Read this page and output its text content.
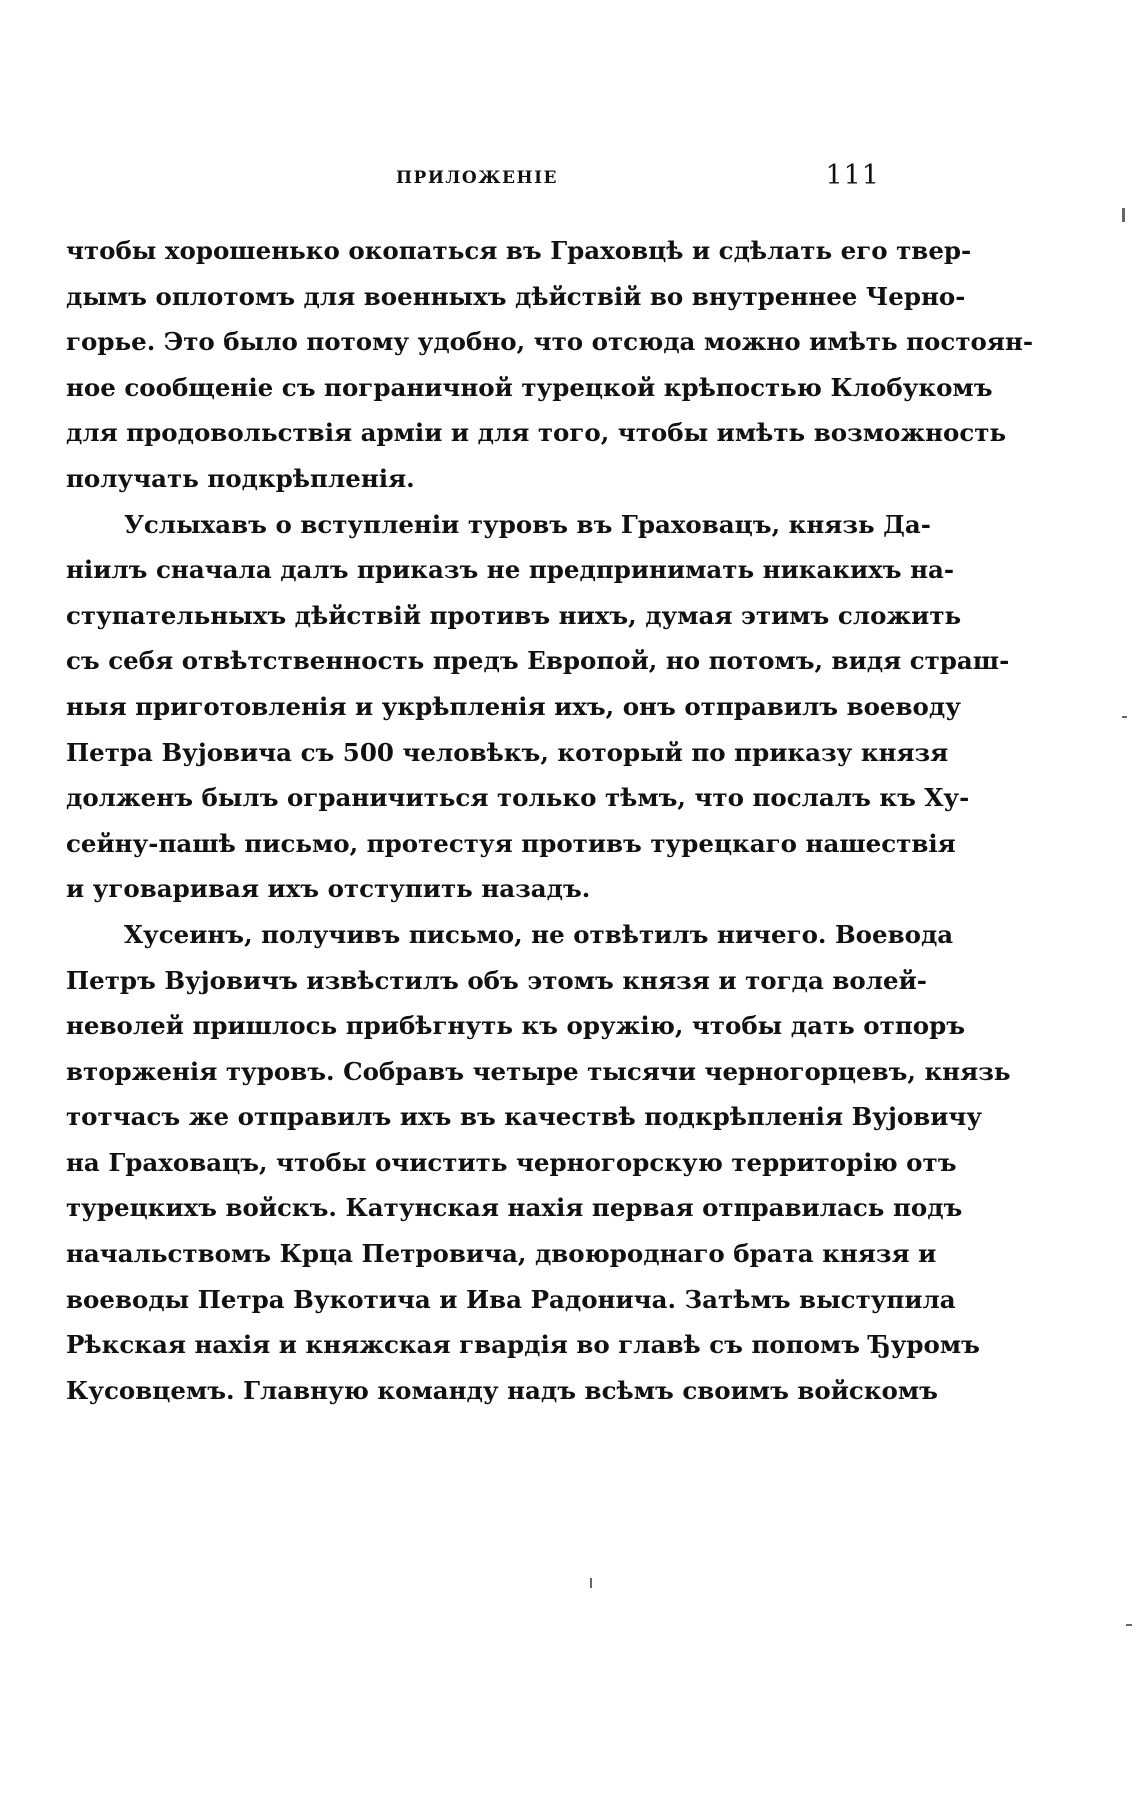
ПРИЛОЖЕНIЕ	111
чтобы хорошенько окопаться въ Граховцѣ и сдѣлать его твер-
дымъ оплотомъ для военныхъ дѣйствiй во внутреннее Черно-
горье. Это было потому удобно, что отсюда можно имѣть постоян-
ное сообщенiе съ пограничной турецкой крѣпостью Клобукомъ
для продовольствiя армiи и для того, чтобы имѣть возможность
получать подкрѣпленiя.
Услыхавъ о вступленiи туровъ въ Граховацъ, князь Да-
нiилъ сначала далъ приказъ не предпринимать никакихъ на-
ступательныхъ дѣйствiй противъ нихъ, думая этимъ сложить
съ себя отвѣтственность предъ Европой, но потомъ, видя страш-
ныя приготовленiя и укрѣпленiя ихъ, онъ отправилъ воеводу
Петра Вуjовича съ 500 человѣкъ, который по приказу князя
долженъ былъ ограничиться только тѣмъ, что послалъ къ Ху-
сейну-пашѣ письмо, протестуя противъ турецкаго нашествiя
и уговаривая ихъ отступить назадъ.
Хусеинъ, получивъ письмо, не отвѣтилъ ничего. Воевода
Петръ Вуjовичъ извѣстилъ объ этомъ князя и тогда волей-
неволей пришлось прибѣгнуть къ оружiю, чтобы дать отпоръ
вторженiя туровъ. Собравъ четыре тысячи черногорцевъ, князь
тотчасъ же отправилъ ихъ въ качествѣ подкрѣпленiя Вуjовичу
на Граховацъ, чтобы очистить черногорскую территорiю отъ
турецкихъ войскъ. Катунская нахiя первая отправилась подъ
начальствомъ Крца Петровича, двоюроднаго брата князя и
воеводы Петра Вукотича и Ива Радонича. Затѣмъ выступила
Рѣкская нахiя и княжская гвардiя во главѣ съ попомъ Ђуромъ
Кусовцемъ. Главную команду надъ всѣмъ своимъ войскомъ
